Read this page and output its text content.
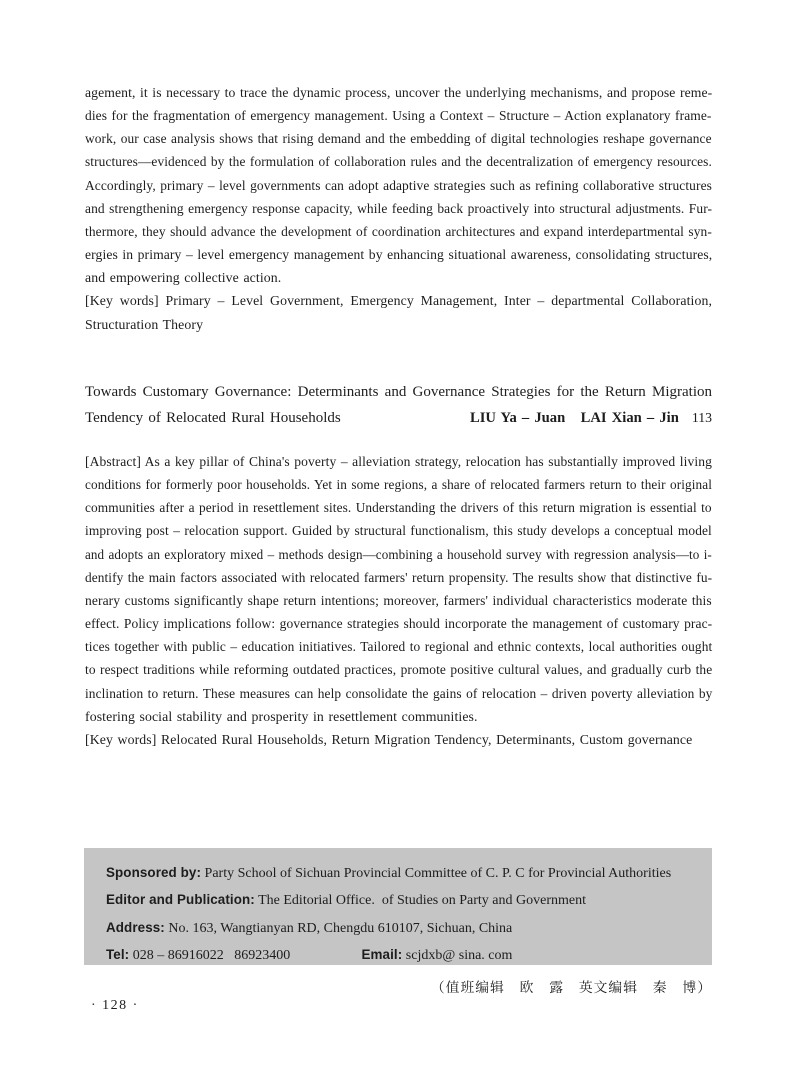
agement, it is necessary to trace the dynamic process, uncover the underlying mechanisms, and propose reme-
dies for the fragmentation of emergency management. Using a Context – Structure – Action explanatory frame-
work, our case analysis shows that rising demand and the embedding of digital technologies reshape governance
structures—evidenced by the formulation of collaboration rules and the decentralization of emergency resources.
Accordingly, primary – level governments can adopt adaptive strategies such as refining collaborative structures
and strengthening emergency response capacity, while feeding back proactively into structural adjustments. Fur-
thermore, they should advance the development of coordination architectures and expand interdepartmental syn-
ergies in primary – level emergency management by enhancing situational awareness, consolidating structures,
and empowering collective action.
[Key words] Primary – Level Government, Emergency Management, Inter – departmental Collaboration,
Structuration Theory
Towards Customary Governance: Determinants and Governance Strategies for the Return Migration
Tendency of Relocated Rural Households	LIU Ya – Juan   LAI Xian – Jin 113
[Abstract] As a key pillar of China's poverty – alleviation strategy, relocation has substantially improved living
conditions for formerly poor households. Yet in some regions, a share of relocated farmers return to their original
communities after a period in resettlement sites. Understanding the drivers of this return migration is essential to
improving post – relocation support. Guided by structural functionalism, this study develops a conceptual model
and adopts an exploratory mixed – methods design—combining a household survey with regression analysis—to i-
dentify the main factors associated with relocated farmers' return propensity. The results show that distinctive fu-
nerary customs significantly shape return intentions; moreover, farmers' individual characteristics moderate this
effect. Policy implications follow: governance strategies should incorporate the management of customary prac-
tices together with public – education initiatives. Tailored to regional and ethnic contexts, local authorities ought
to respect traditions while reforming outdated practices, promote positive cultural values, and gradually curb the
inclination to return. These measures can help consolidate the gains of relocation – driven poverty alleviation by
fostering social stability and prosperity in resettlement communities.
[Key words] Relocated Rural Households, Return Migration Tendency, Determinants, Custom governance
Sponsored by: Party School of Sichuan Provincial Committee of C. P. C for Provincial Authorities
Editor and Publication: The Editorial Office.  of Studies on Party and Government
Address: No. 163, Wangtianyan RD, Chengdu 610107, Sichuan, China
Tel: 028 – 86916022   86923400	Email: scjdxb@ sina. com
（值班编辑　欧　露　英文编辑　秦　博）
· 128 ·
